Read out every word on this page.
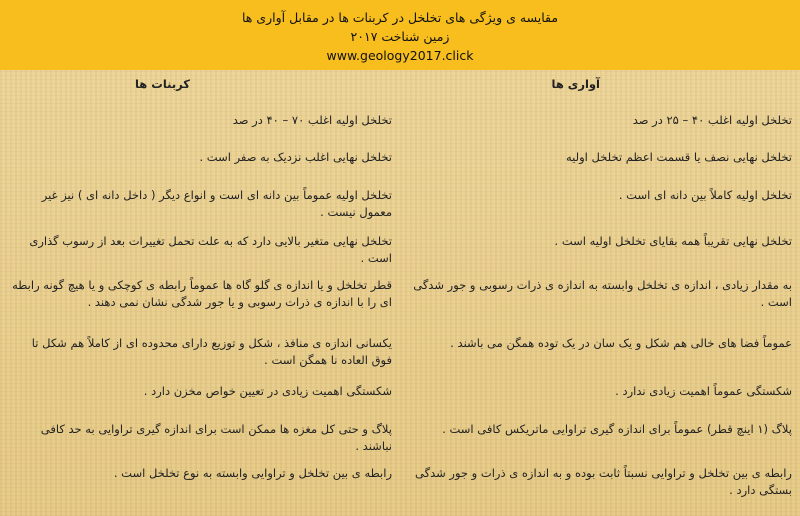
مقایسه ی ویژگی های تخلخل در کربنات ها در مقابل آواری ها
زمین شناخت ۲۰۱۷
www.geology2017.click
آواری ها	کربنات ها
تخلخل اولیه اغلب ۴۰ – ۲۵ در صد	تخلخل اولیه اغلب ۷۰ – ۴۰ در صد
تخلخل نهایی نصف یا قسمت اعظم تخلخل اولیه	تخلخل نهایی اغلب نزدیک به صفر است .
تخلخل اولیه کاملاً بین دانه ای است .	تخلخل اولیه عموماً بین دانه ای است و انواع دیگر ( داخل دانه ای ) نیز غیر معمول نیست .
تخلخل نهایی تقریباً همه بقایای تخلخل اولیه است .	تخلخل نهایی متغیر بالایی دارد که به علت تحمل تغییرات بعد از رسوب گذاری است .
به مقدار زیادی ، اندازه ی تخلخل وابسته به اندازه ی ذرات رسوبی و جور شدگی است .	قطر تخلخل و یا اندازه ی گلو گاه ها عموماً رابطه ی کوچکی و یا هیچ گونه رابطه ای را با اندازه ی ذرات رسوبی و یا جور شدگی نشان نمی دهند .
عموماً فضا های خالی هم شکل و یک سان در یک توده همگن می باشند .	یکسانی اندازه ی منافذ ، شکل و توزیع دارای محدوده ای از کاملاً هم شکل تا فوق العاده نا همگن است .
شکستگی عموماً اهمیت زیادی ندارد .	شکستگی اهمیت زیادی در تعیین خواص مخزن دارد .
پلاگ (۱ اینچ قطر) عموماً برای اندازه گیری تراوایی ماتریکس کافی است .	پلاگ و حتی کل مغزه ها ممکن است برای اندازه گیری تراوایی به حد کافی نباشند .
رابطه ی بین تخلخل و تراوایی نسبتاً ثابت بوده و به اندازه ی ذرات و جور شدگی بستگی دارد .	رابطه ی بین تخلخل و تراوایی وابسته به نوع تخلخل است .
